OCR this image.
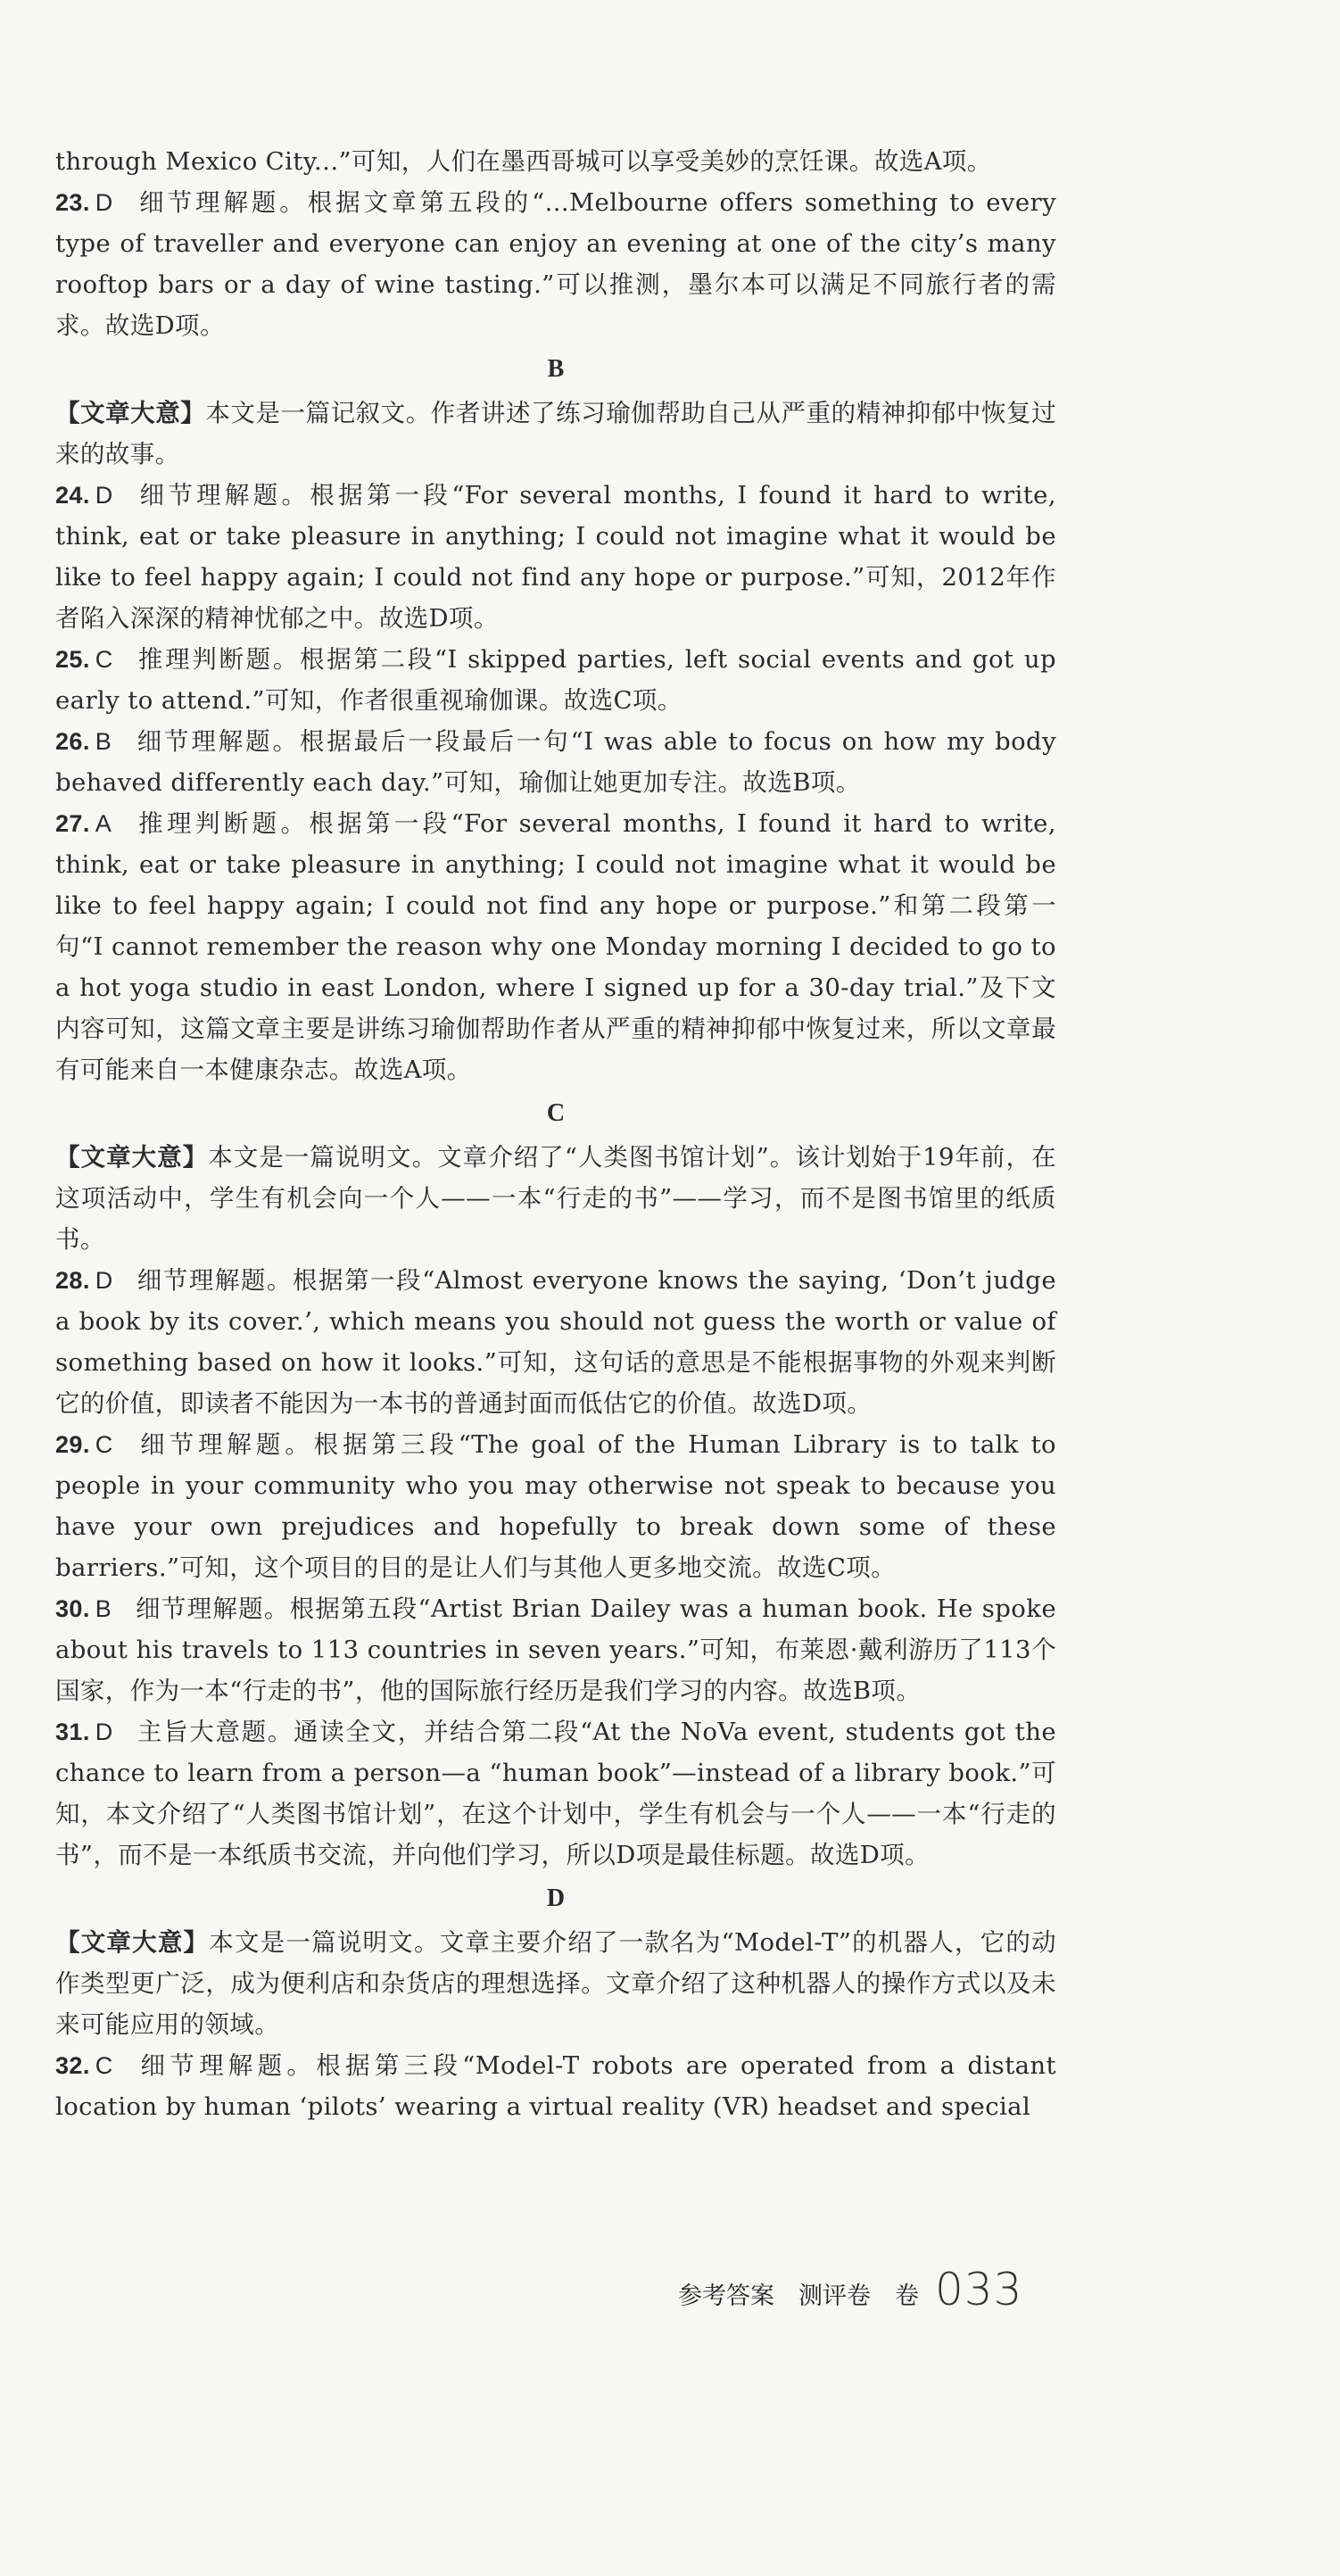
through Mexico City...”可知，人们在墨西哥城可以享受美妙的烹饪课。故选A项。
23. D 细节理解题。根据文章第五段的“...Melbourne offers something to every type of traveller and everyone can enjoy an evening at one of the city’s many rooftop bars or a day of wine tasting.”可以推测，墨尔本可以满足不同旅行者的需求。故选D项。
B
【文章大意】本文是一篇记叙文。作者讲述了练习瑜伽帮助自己从严重的精神抑郁中恢复过来的故事。
24. D 细节理解题。根据第一段“For several months, I found it hard to write, think, eat or take pleasure in anything; I could not imagine what it would be like to feel happy again; I could not find any hope or purpose.”可知，2012年作者陷入深深的精神忧郁之中。故选D项。
25. C 推理判断题。根据第二段“I skipped parties, left social events and got up early to attend.”可知，作者很重视瑜伽课。故选C项。
26. B 细节理解题。根据最后一段最后一句“I was able to focus on how my body behaved differently each day.”可知，瑜伽让她更加专注。故选B项。
27. A 推理判断题。根据第一段“For several months, I found it hard to write, think, eat or take pleasure in anything; I could not imagine what it would be like to feel happy again; I could not find any hope or purpose.”和第二段第一句“I cannot remember the reason why one Monday morning I decided to go to a hot yoga studio in east London, where I signed up for a 30-day trial.”及下文内容可知，这篇文章主要是讲练习瑜伽帮助作者从严重的精神抑郁中恢复过来，所以文章最有可能来自一本健康杂志。故选A项。
C
【文章大意】本文是一篇说明文。文章介绍了“人类图书馆计划”。该计划始于19年前，在这项活动中，学生有机会向一个人——一本“行走的书”——学习，而不是图书馆里的纸质书。
28. D 细节理解题。根据第一段“Almost everyone knows the saying, ‘Don’t judge a book by its cover.’, which means you should not guess the worth or value of something based on how it looks.”可知，这句话的意思是不能根据事物的外观来判断它的价值，即读者不能因为一本书的普通封面而低估它的价值。故选D项。
29. C 细节理解题。根据第三段“The goal of the Human Library is to talk to people in your community who you may otherwise not speak to because you have your own prejudices and hopefully to break down some of these barriers.”可知，这个项目的目的是让人们与其他人更多地交流。故选C项。
30. B 细节理解题。根据第五段“Artist Brian Dailey was a human book. He spoke about his travels to 113 countries in seven years.”可知，布莱恩·戴利游历了113个国家，作为一本“行走的书”，他的国际旅行经历是我们学习的内容。故选B项。
31. D 主旨大意题。通读全文，并结合第二段“At the NoVa event, students got the chance to learn from a person—a “human book”—instead of a library book.”可知，本文介绍了“人类图书馆计划”，在这个计划中，学生有机会与一个人——一本“行走的书”，而不是一本纸质书交流，并向他们学习，所以D项是最佳标题。故选D项。
D
【文章大意】本文是一篇说明文。文章主要介绍了一款名为“Model-T”的机器人，它的动作类型更广泛，成为便利店和杂货店的理想选择。文章介绍了这种机器人的操作方式以及未来可能应用的领域。
32. C 细节理解题。根据第三段“Model-T robots are operated from a distant location by human ‘pilots’ wearing a virtual reality (VR) headset and special
参考答案　测评卷　卷 033
